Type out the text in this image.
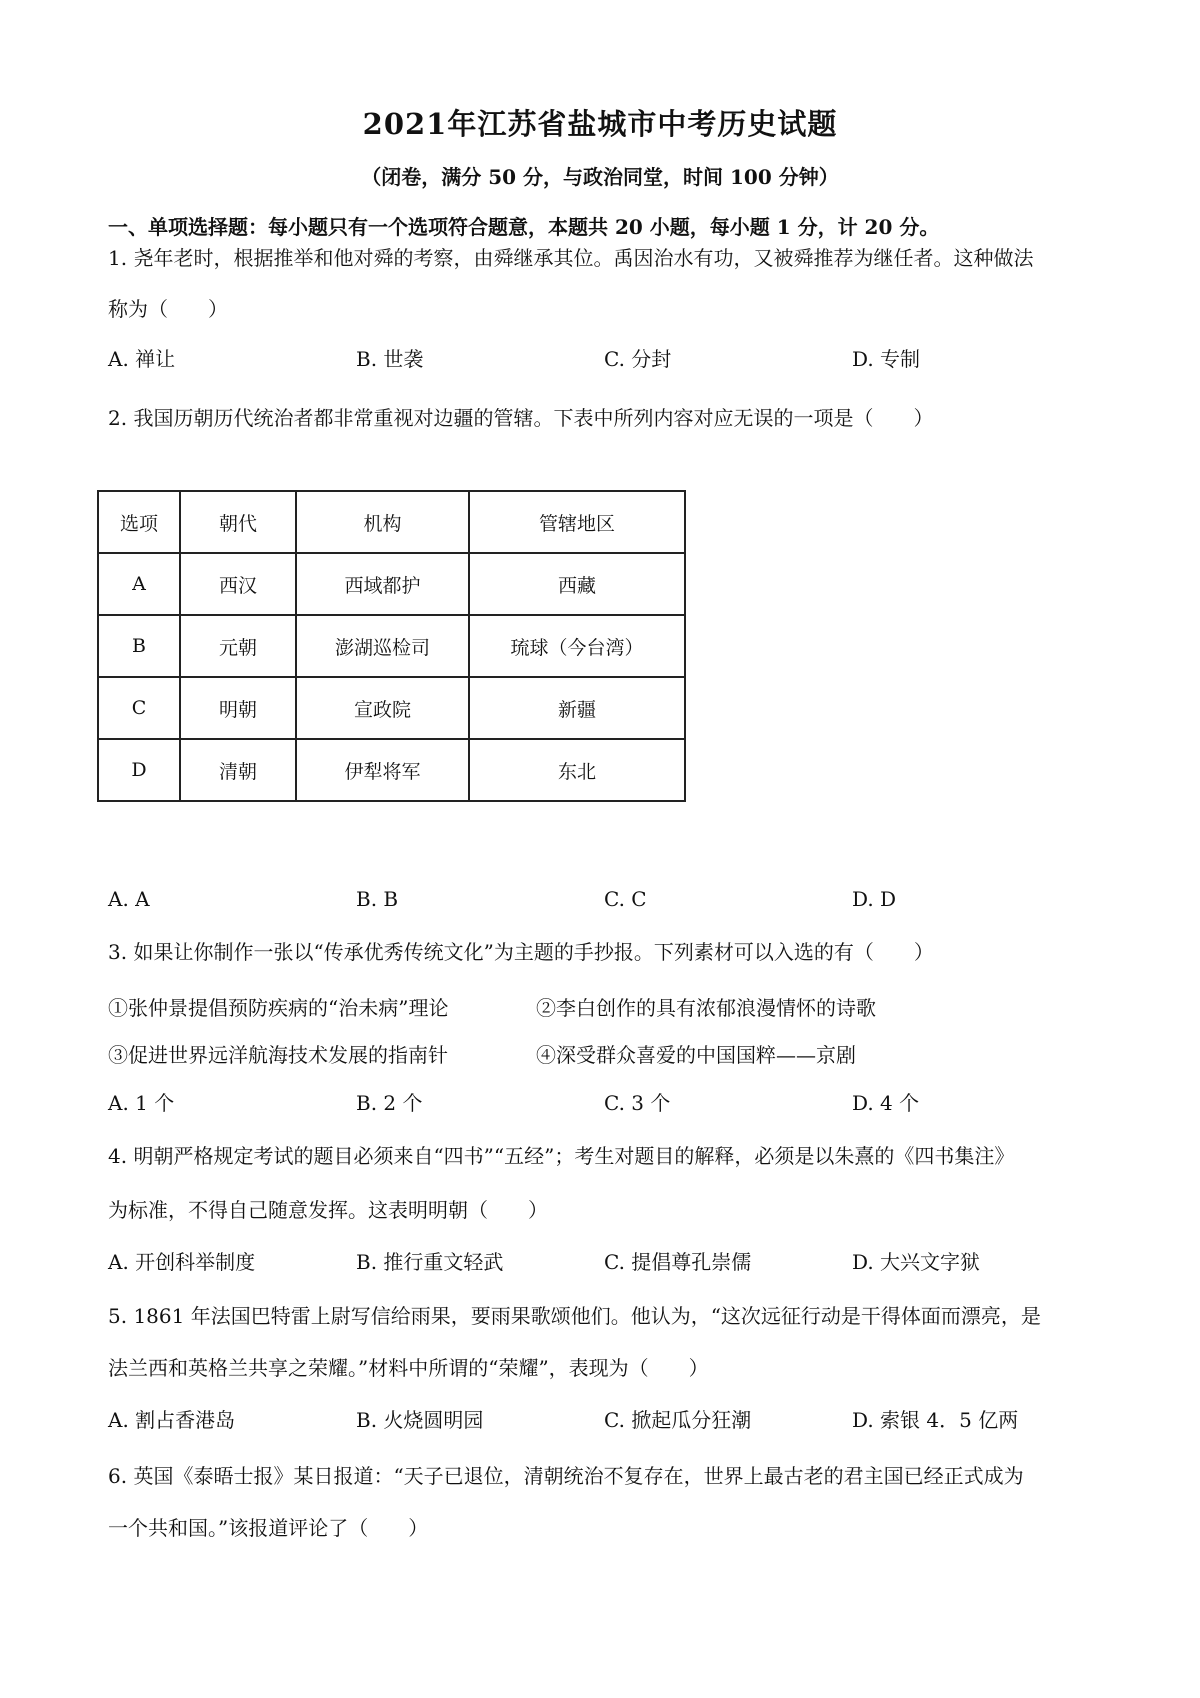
2021年江苏省盐城市中考历史试题
（闭卷，满分 50 分，与政治同堂，时间 100 分钟）
一、单项选择题：每小题只有一个选项符合题意，本题共 20 小题，每小题 1 分，计 20 分。
1. 尧年老时，根据推举和他对舜的考察，由舜继承其位。禹因治水有功，又被舜推荐为继任者。这种做法
称为（　　）
A. 禅让	B. 世袭	C. 分封	D. 专制
2. 我国历朝历代统治者都非常重视对边疆的管辖。下表中所列内容对应无误的一项是（　　）
选项	朝代	机构	管辖地区
A	西汉	西域都护	西藏
B	元朝	澎湖巡检司	琉球（今台湾）
C	明朝	宣政院	新疆
D	清朝	伊犁将军	东北
A. A	B. B	C. C	D. D
3. 如果让你制作一张以“传承优秀传统文化”为主题的手抄报。下列素材可以入选的有（　　）
①张仲景提倡预防疾病的“治未病”理论	②李白创作的具有浓郁浪漫情怀的诗歌
③促进世界远洋航海技术发展的指南针	④深受群众喜爱的中国国粹——京剧
A. 1 个	B. 2 个	C. 3 个	D. 4 个
4. 明朝严格规定考试的题目必须来自“四书”“五经”；考生对题目的解释，必须是以朱熹的《四书集注》
为标准，不得自己随意发挥。这表明明朝（　　）
A. 开创科举制度	B. 推行重文轻武	C. 提倡尊孔崇儒	D. 大兴文字狱
5. 1861 年法国巴特雷上尉写信给雨果，要雨果歌颂他们。他认为，“这次远征行动是干得体面而漂亮，是
法兰西和英格兰共享之荣耀。”材料中所谓的“荣耀”，表现为（　　）
A. 割占香港岛	B. 火烧圆明园	C. 掀起瓜分狂潮	D. 索银 4．5 亿两
6. 英国《泰晤士报》某日报道：“天子已退位，清朝统治不复存在，世界上最古老的君主国已经正式成为
一个共和国。”该报道评论了（　　）
